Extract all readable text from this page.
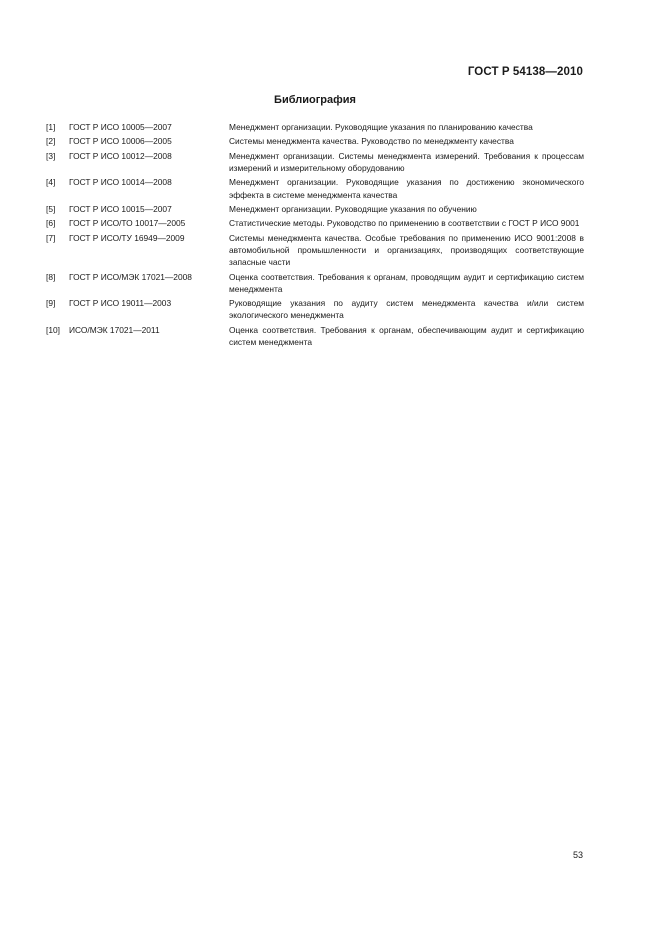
ГОСТ Р 54138—2010
Библиография
[1] ГОСТ Р ИСО 10005—2007	Менеджмент организации. Руководящие указания по планированию качества
[2] ГОСТ Р ИСО 10006—2005	Системы менеджмента качества. Руководство по менеджменту качества
[3] ГОСТ Р ИСО 10012—2008	Менеджмент организации. Системы менеджмента измерений. Требования к процессам измерений и измерительному оборудованию
[4] ГОСТ Р ИСО 10014—2008	Менеджмент организации. Руководящие указания по достижению экономического эффекта в системе менеджмента качества
[5] ГОСТ Р ИСО 10015—2007	Менеджмент организации. Руководящие указания по обучению
[6] ГОСТ Р ИСО/ТО 10017—2005	Статистические методы. Руководство по применению в соответствии с ГОСТ Р ИСО 9001
[7] ГОСТ Р ИСО/ТУ 16949—2009	Системы менеджмента качества. Особые требования по применению ИСО 9001:2008 в автомобильной промышленности и организациях, производящих соответствующие запасные части
[8] ГОСТ Р ИСО/МЭК 17021—2008	Оценка соответствия. Требования к органам, проводящим аудит и сертификацию систем менеджмента
[9] ГОСТ Р ИСО 19011—2003	Руководящие указания по аудиту систем менеджмента качества и/или систем экологического менеджмента
[10] ИСО/МЭК 17021—2011	Оценка соответствия. Требования к органам, обеспечивающим аудит и сертификацию систем менеджмента
53
